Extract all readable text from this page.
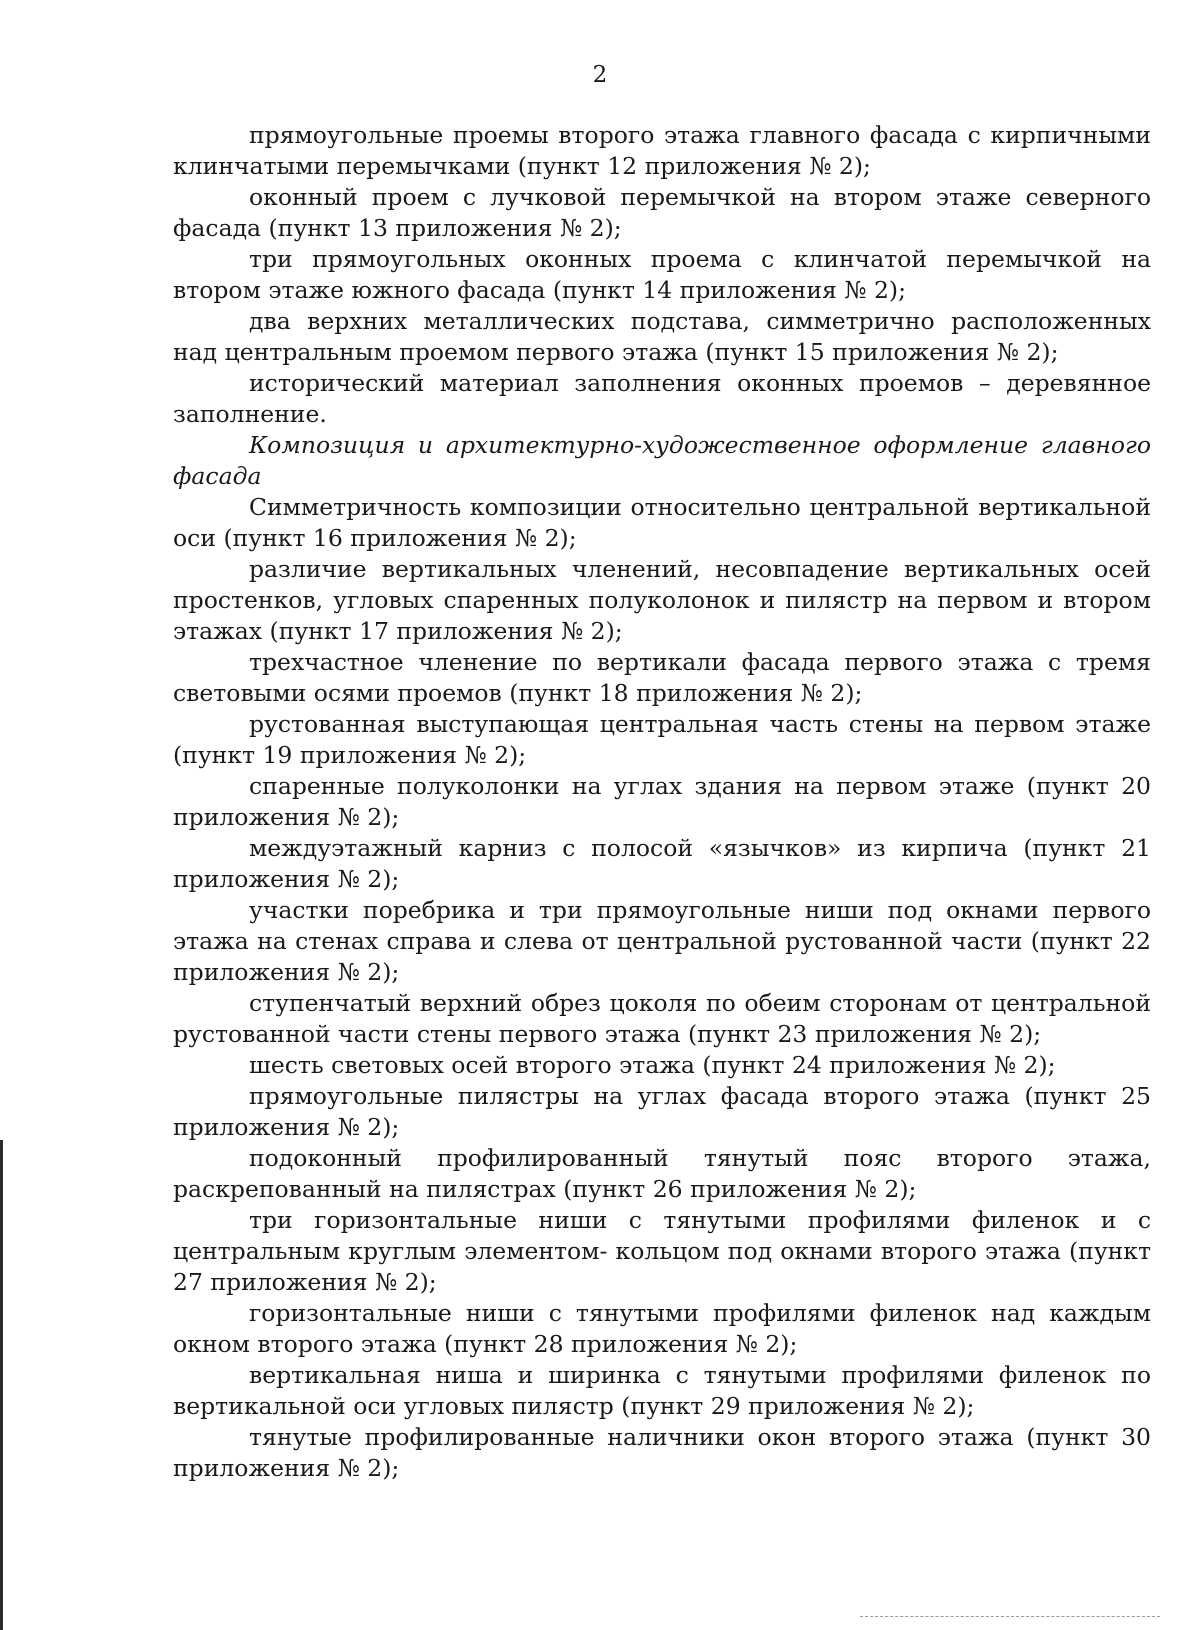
2

прямоугольные проемы второго этажа главного фасада с кирпичными клинчатыми перемычками (пункт 12 приложения № 2);

оконный проем с лучковой перемычкой на втором этаже северного фасада (пункт 13 приложения № 2);

три прямоугольных оконных проема с клинчатой перемычкой на втором этаже южного фасада (пункт 14 приложения № 2);

два верхних металлических подстава, симметрично расположенных над центральным проемом первого этажа (пункт 15 приложения № 2);

исторический материал заполнения оконных проемов – деревянное заполнение.

Композиция и архитектурно-художественное оформление главного фасада

Симметричность композиции относительно центральной вертикальной оси (пункт 16 приложения № 2);

различие вертикальных членений, несовпадение вертикальных осей простенков, угловых спаренных полуколонок и пилястр на первом и втором этажах (пункт 17 приложения № 2);

трехчастное членение по вертикали фасада первого этажа с тремя световыми осями проемов (пункт 18 приложения № 2);

рустованная выступающая центральная часть стены на первом этаже (пункт 19 приложения № 2);

спаренные полуколонки на углах здания на первом этаже (пункт 20 приложения № 2);

междуэтажный карниз с полосой «язычков» из кирпича (пункт 21 приложения № 2);

участки поребрика и три прямоугольные ниши под окнами первого этажа на стенах справа и слева от центральной рустованной части (пункт 22 приложения № 2);

ступенчатый верхний обрез цоколя по обеим сторонам от центральной рустованной части стены первого этажа (пункт 23 приложения № 2);

шесть световых осей второго этажа (пункт 24 приложения № 2);

прямоугольные пилястры на углах фасада второго этажа (пункт 25 приложения № 2);

подоконный профилированный тянутый пояс второго этажа, раскрепованный на пилястрах (пункт 26 приложения № 2);

три горизонтальные ниши с тянутыми профилями филенок и с центральным круглым элементом- кольцом под окнами второго этажа (пункт 27 приложения № 2);

горизонтальные ниши с тянутыми профилями филенок над каждым окном второго этажа (пункт 28 приложения № 2);

вертикальная ниша и ширинка с тянутыми профилями филенок по вертикальной оси угловых пилястр (пункт 29 приложения № 2);

тянутые профилированные наличники окон второго этажа (пункт 30 приложения № 2);
